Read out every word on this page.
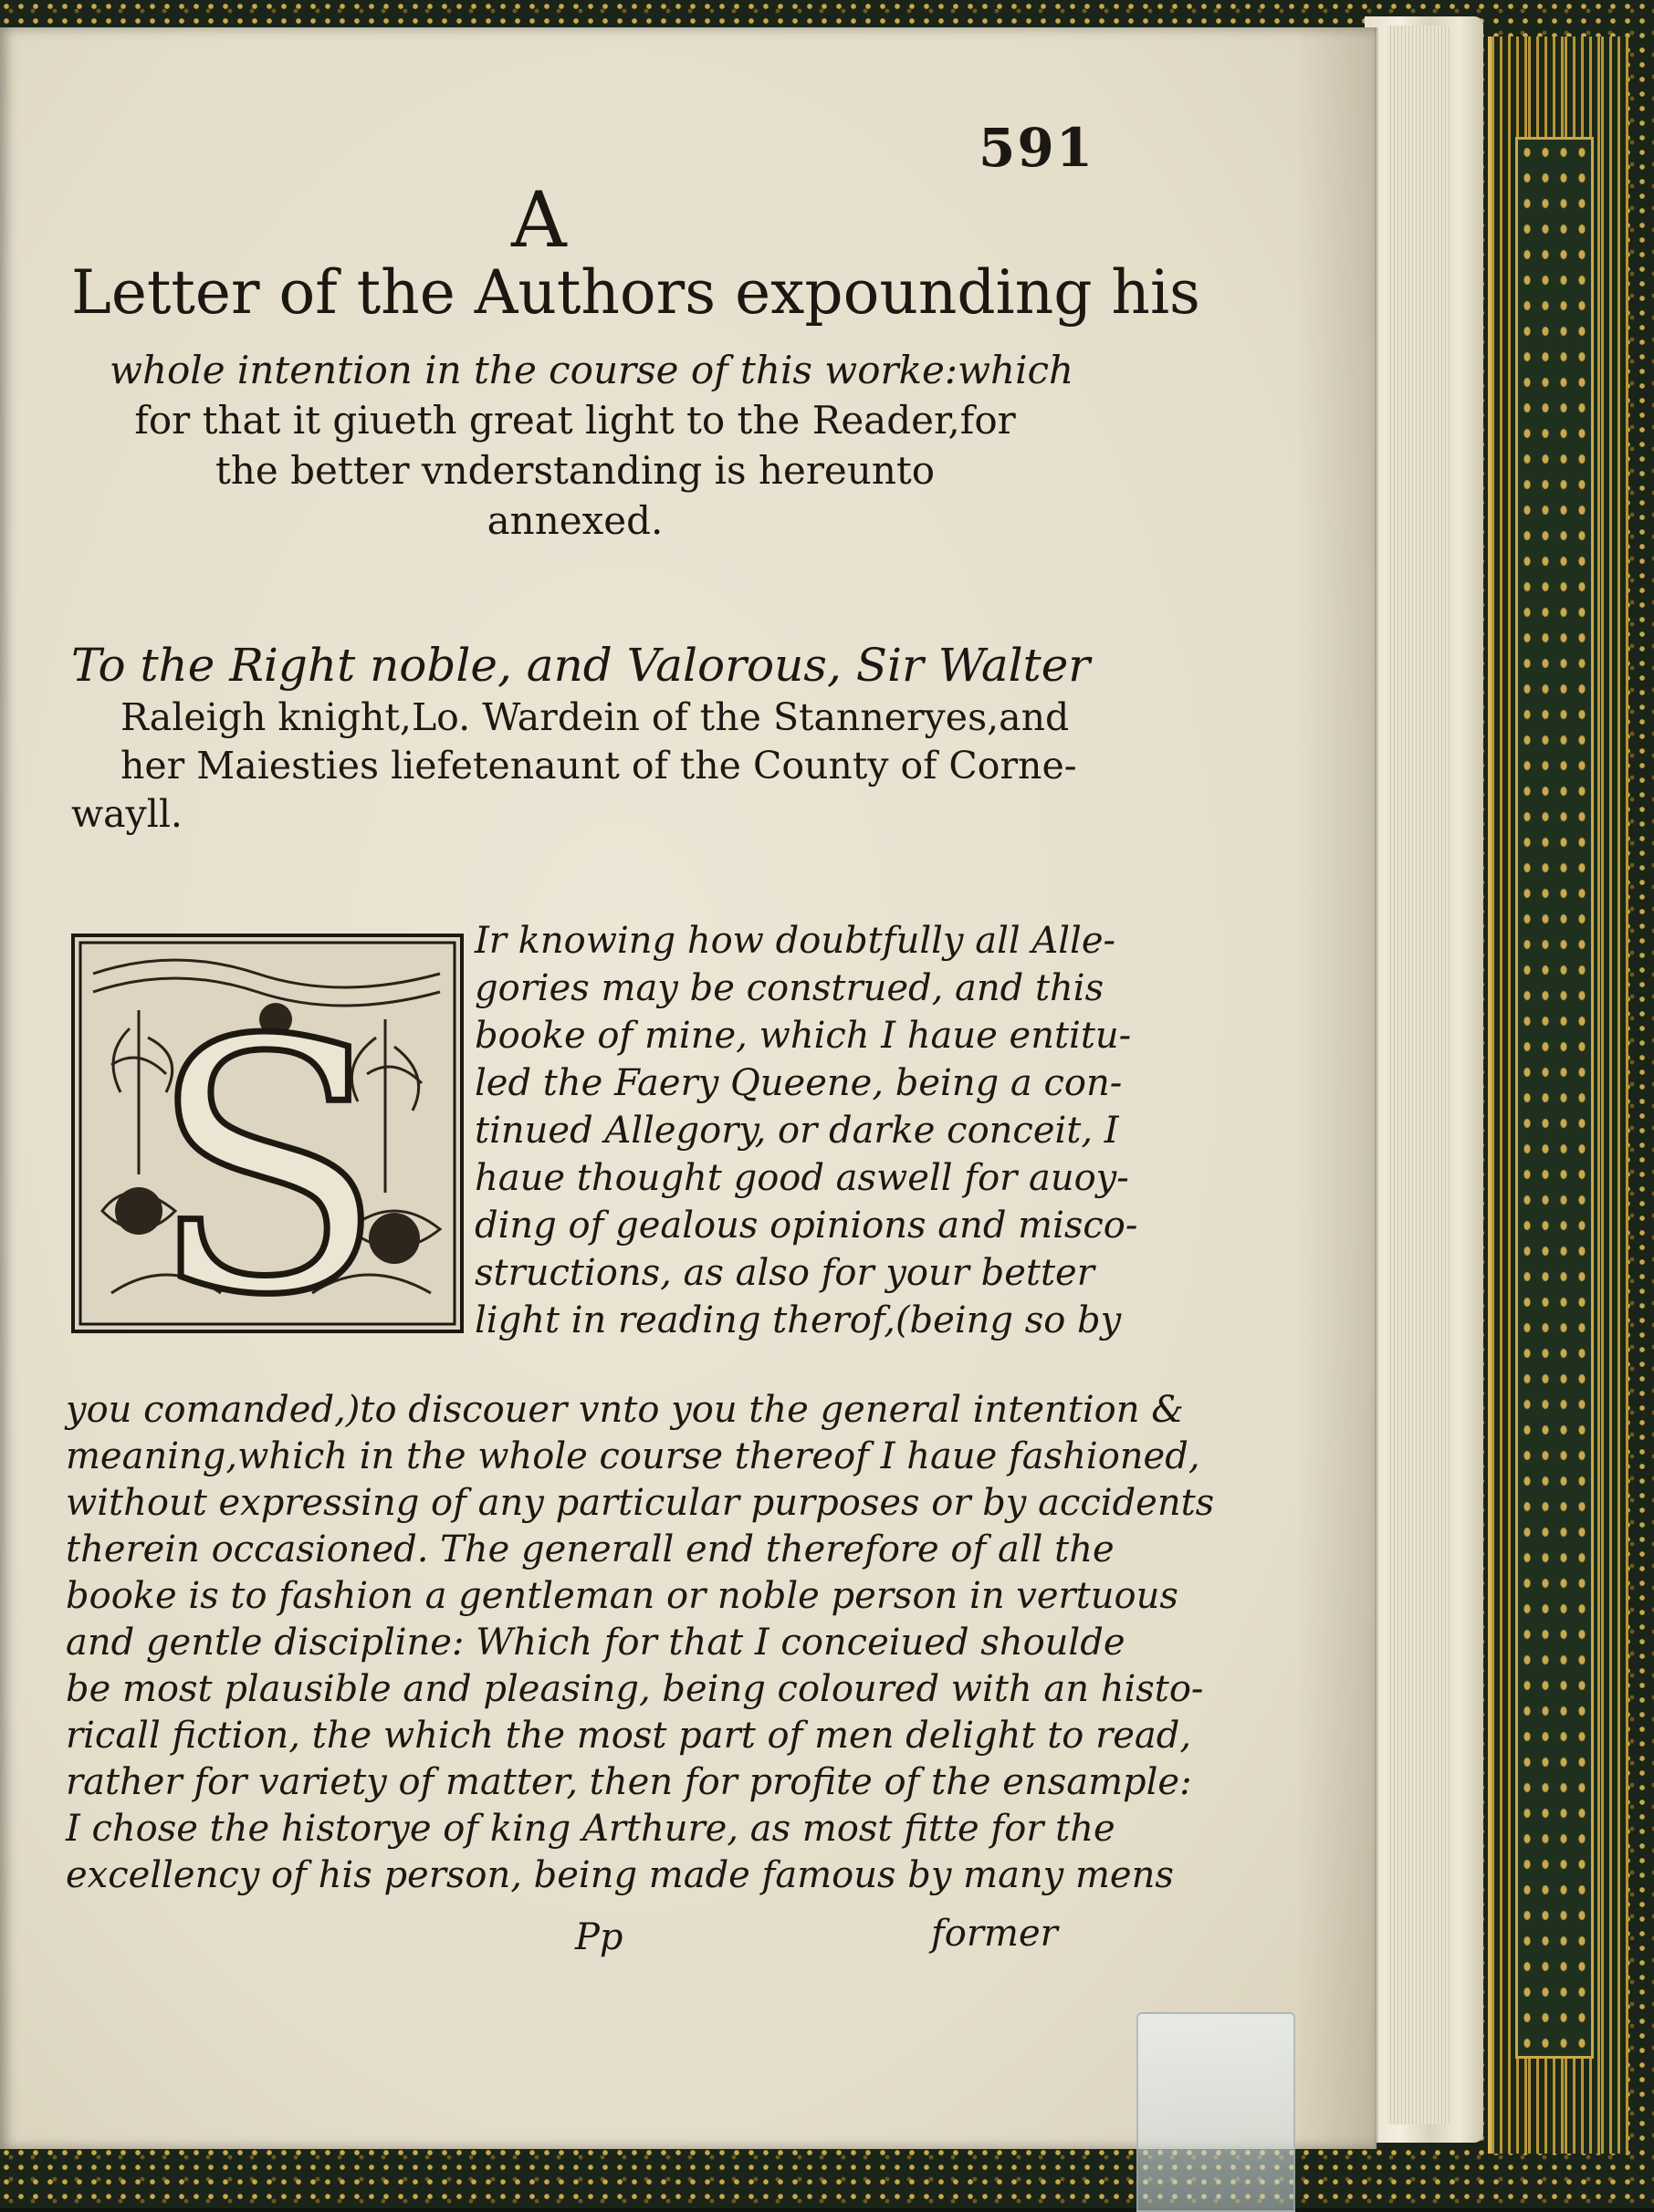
591
A
Letter of the Authors expounding his
whole intention in the course of this worke:which
for that it giueth great light to the Reader,for
the better vnderstanding is hereunto
annexed.
To the Right noble, and Valorous, Sir Walter
Raleigh knight,Lo. Wardein of the Stanneryes,and
her Maiesties liefetenaunt of the County of Corne-
wayll.
S
Ir knowing how doubtfully all Alle-
gories may be construed, and this
booke of mine, which I haue entitu-
led the Faery Queene, being a con-
tinued Allegory, or darke conceit, I
haue thought good aswell for auoy-
ding of gealous opinions and misco-
structions, as also for your better
light in reading therof,(being so by
you comanded,)to discouer vnto you the general intention &
meaning,which in the whole course thereof I haue fashioned,
without expressing of any particular purposes or by accidents
therein occasioned. The generall end therefore of all the
booke is to fashion a gentleman or noble person in vertuous
and gentle discipline: Which for that I conceiued shoulde
be most plausible and pleasing, being coloured with an histo-
ricall fiction, the which the most part of men delight to read,
rather for variety of matter, then for profite of the ensample:
I chose the historye of king Arthure, as most fitte for the
excellency of his person, being made famous by many mens
Pp	former
